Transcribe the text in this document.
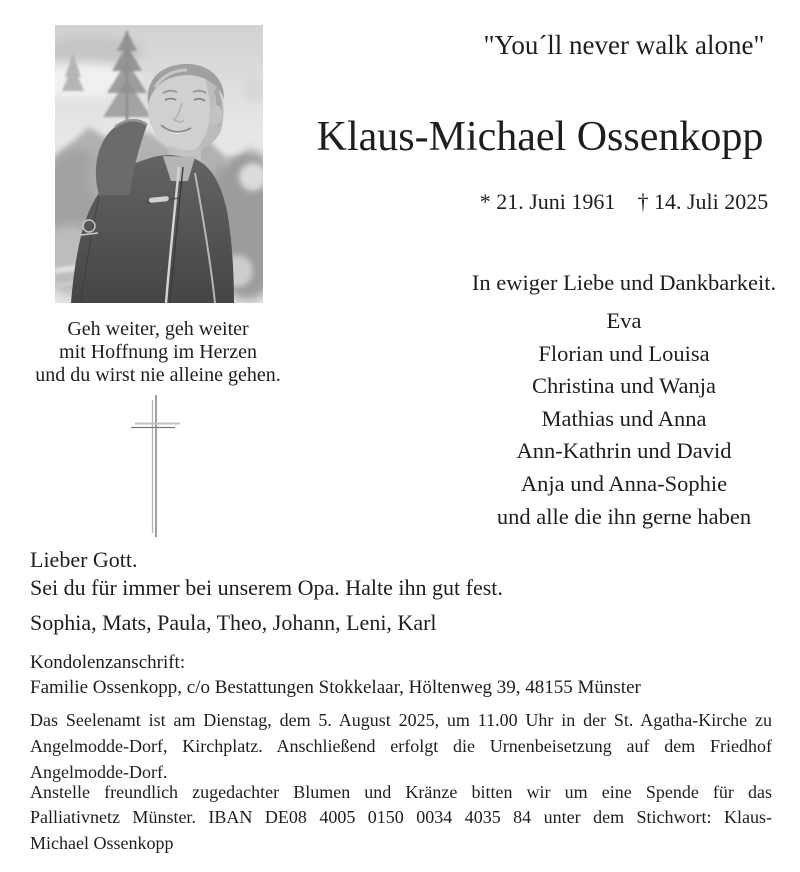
"You´ll never walk alone"
Klaus-Michael Ossenkopp
* 21. Juni 1961 † 14. Juli 2025
In ewiger Liebe und Dankbarkeit.
Eva
Florian und Louisa
Christina und Wanja
Mathias und Anna
Ann-Kathrin und David
Anja und Anna-Sophie
und alle die ihn gerne haben
Geh weiter, geh weiter
mit Hoffnung im Herzen
und du wirst nie alleine gehen.
Lieber Gott.
Sei du für immer bei unserem Opa. Halte ihn gut fest.
Sophia, Mats, Paula, Theo, Johann, Leni, Karl
Kondolenzanschrift:
Familie Ossenkopp, c/o Bestattungen Stokkelaar, Höltenweg 39, 48155 Münster
Das Seelenamt ist am Dienstag, dem 5. August 2025, um 11.00 Uhr in der St. Agatha-Kirche zu
Angelmodde-Dorf, Kirchplatz. Anschließend erfolgt die Urnenbeisetzung auf dem Friedhof
Angelmodde-Dorf.
Anstelle freundlich zugedachter Blumen und Kränze bitten wir um eine Spende für das
Palliativnetz Münster. IBAN DE08 4005 0150 0034 4035 84 unter dem Stichwort: Klaus-
Michael Ossenkopp
